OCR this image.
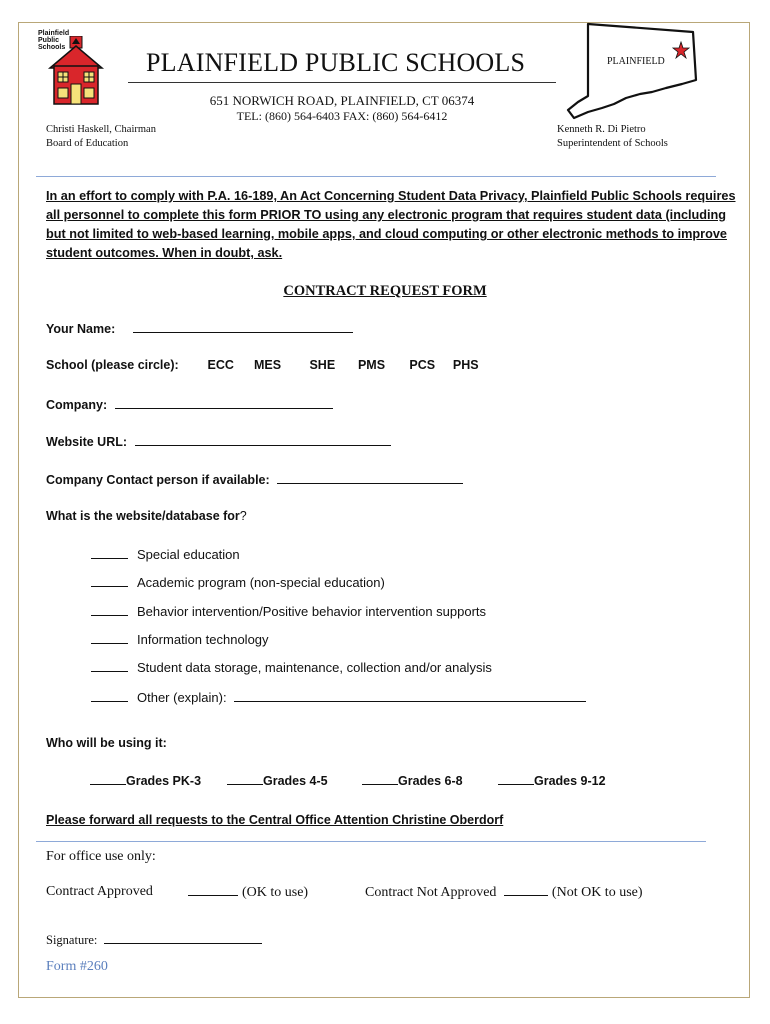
Plainfield
Public
Schools
PLAINFIELD PUBLIC SCHOOLS
651 NORWICH ROAD, PLAINFIELD, CT 06374
TEL: (860) 564-6403 FAX: (860) 564-6412
PLAINFIELD
Christi Haskell, Chairman
Board of Education
Kenneth R. Di Pietro
Superintendent of Schools
In an effort to comply with P.A. 16-189, An Act Concerning Student Data Privacy, Plainfield Public Schools requires all personnel to complete this form PRIOR TO using any electronic program that requires student data (including but not limited to web-based learning, mobile apps, and cloud computing or other electronic methods to improve student outcomes. When in doubt, ask.
CONTRACT REQUEST FORM
Your Name:
School (please circle): ECC MES SHE PMS PCS PHS
Company:
Website URL:
Company Contact person if available:
What is the website/database for?
Special education
Academic program (non-special education)
Behavior intervention/Positive behavior intervention supports
Information technology
Student data storage, maintenance, collection and/or analysis
Other (explain):
Who will be using it:
Grades PK-3	Grades 4-5	Grades 6-8	Grades 9-12
Please forward all requests to the Central Office Attention Christine Oberdorf
For office use only:
Contract Approved	(OK to use)	Contract Not Approved	(Not OK to use)
Signature:
Form #260
